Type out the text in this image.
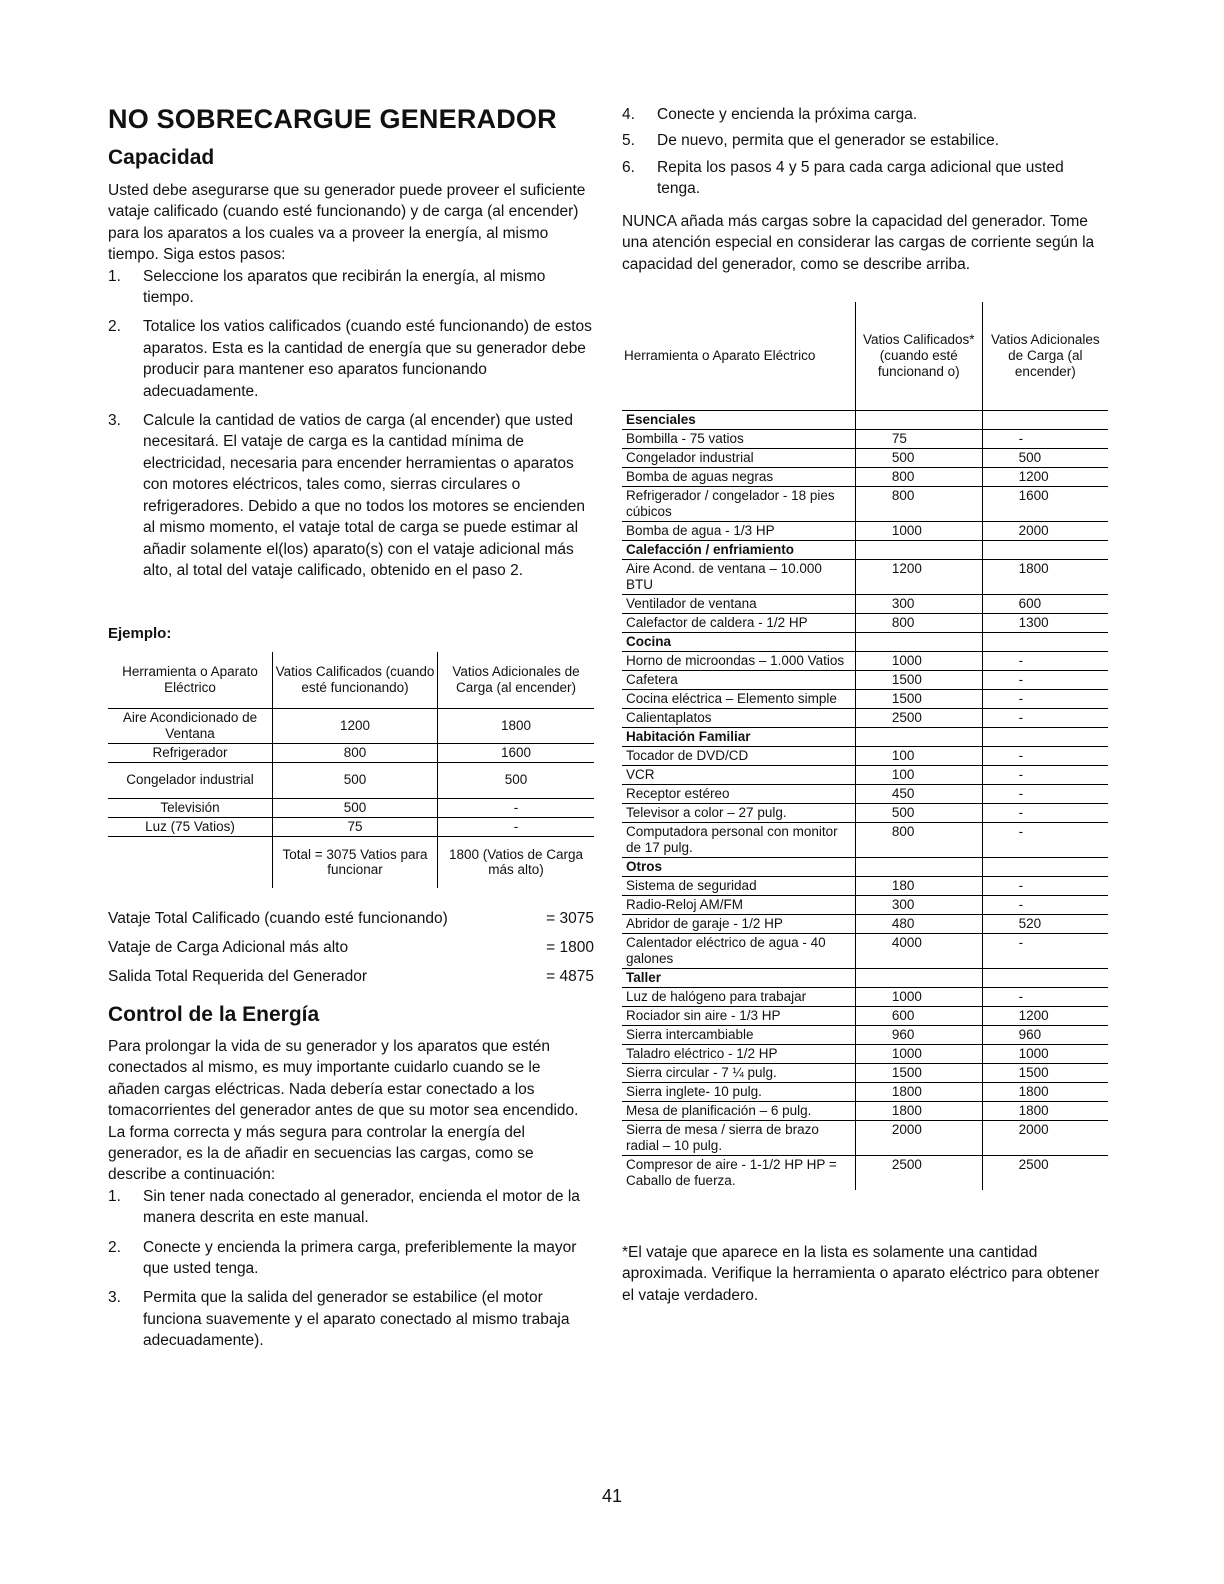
NO SOBRECARGUE GENERADOR
Capacidad

Usted debe asegurarse que su generador puede proveer el suficiente vataje calificado (cuando esté funcionando) y de carga (al encender) para los aparatos a los cuales va a proveer la energía, al mismo tiempo. Siga estos pasos:

1. Seleccione los aparatos que recibirán la energía, al mismo tiempo.
2. Totalice los vatios calificados (cuando esté funcionando) de estos aparatos. Esta es la cantidad de energía que su generador debe producir para mantener eso aparatos funcionando adecuadamente.
3. Calcule la cantidad de vatios de carga (al encender) que usted necesitará. El vataje de carga es la cantidad mínima de electricidad, necesaria para encender herramientas o aparatos con motores eléctricos, tales como, sierras circulares o refrigeradores. Debido a que no todos los motores se encienden al mismo momento, el vataje total de carga se puede estimar al añadir solamente el(los) aparato(s) con el vataje adicional más alto, al total del vataje calificado, obtenido en el paso 2.

Ejemplo:

Herramienta o Aparato Eléctrico	Vatios Calificados (cuando esté funcionando)	Vatios Adicionales de Carga (al encender)
Aire Acondicionado de Ventana	1200	1800
Refrigerador	800	1600
Congelador industrial	500	500
Televisión	500	-
Luz (75 Vatios)	75	-
	Total = 3075 Vatios para funcionar	1800 (Vatios de Carga más alto)
Vataje Total Calificado (cuando esté funcionando)	= 3075
Vataje de Carga Adicional más alto	= 1800
Salida Total Requerida del Generador	= 4875
Control de la Energía

Para prolongar la vida de su generador y los aparatos que estén conectados al mismo, es muy importante cuidarlo cuando se le añaden cargas eléctricas. Nada debería estar conectado a los tomacorrientes del generador antes de que su motor sea encendido. La forma correcta y más segura para controlar la energía del generador, es la de añadir en secuencias las cargas, como se describe a continuación:

1. Sin tener nada conectado al generador, encienda el motor de la manera descrita en este manual.
2. Conecte y encienda la primera carga, preferiblemente la mayor que usted tenga.
3. Permita que la salida del generador se estabilice (el motor funciona suavemente y el aparato conectado al mismo trabaja adecuadamente).
4. Conecte y encienda la próxima carga.
5. De nuevo, permita que el generador se estabilice.
6. Repita los pasos 4 y 5 para cada carga adicional que usted tenga.

NUNCA añada más cargas sobre la capacidad del generador. Tome una atención especial en considerar las cargas de corriente según la capacidad del generador, como se describe arriba.

Herramienta o Aparato Eléctrico	Vatios Calificados* (cuando esté funcionand o)	Vatios Adicionales de Carga (al encender)
Esenciales		
Bombilla - 75 vatios	75	-
Congelador industrial	500	500
Bomba de aguas negras	800	1200
Refrigerador / congelador - 18 pies cúbicos	800	1600
Bomba de agua - 1/3 HP	1000	2000
Calefacción / enfriamiento		
Aire Acond. de ventana – 10.000 BTU	1200	1800
Ventilador de ventana	300	600
Calefactor de caldera - 1/2 HP	800	1300
Cocina		
Horno de microondas – 1.000 Vatios	1000	-
Cafetera	1500	-
Cocina eléctrica – Elemento simple	1500	-
Calientaplatos	2500	-
Habitación Familiar		
Tocador de DVD/CD	100	-
VCR	100	-
Receptor estéreo	450	-
Televisor a color – 27 pulg.	500	-
Computadora personal con monitor de 17 pulg.	800	-
Otros		
Sistema de seguridad	180	-
Radio-Reloj AM/FM	300	-
Abridor de garaje - 1/2 HP	480	520
Calentador eléctrico de agua - 40 galones	4000	-
Taller		
Luz de halógeno para trabajar	1000	-
Rociador sin aire - 1/3 HP	600	1200
Sierra intercambiable	960	960
Taladro eléctrico - 1/2 HP	1000	1000
Sierra circular - 7 ¼ pulg.	1500	1500
Sierra inglete- 10 pulg.	1800	1800
Mesa de planificación – 6 pulg.	1800	1800
Sierra de mesa / sierra de brazo radial – 10 pulg.	2000	2000
Compresor de aire - 1-1/2 HP HP = Caballo de fuerza.	2500	2500

*El vataje que aparece en la lista es solamente una cantidad aproximada. Verifique la herramienta o aparato eléctrico para obtener el vataje verdadero.

41
